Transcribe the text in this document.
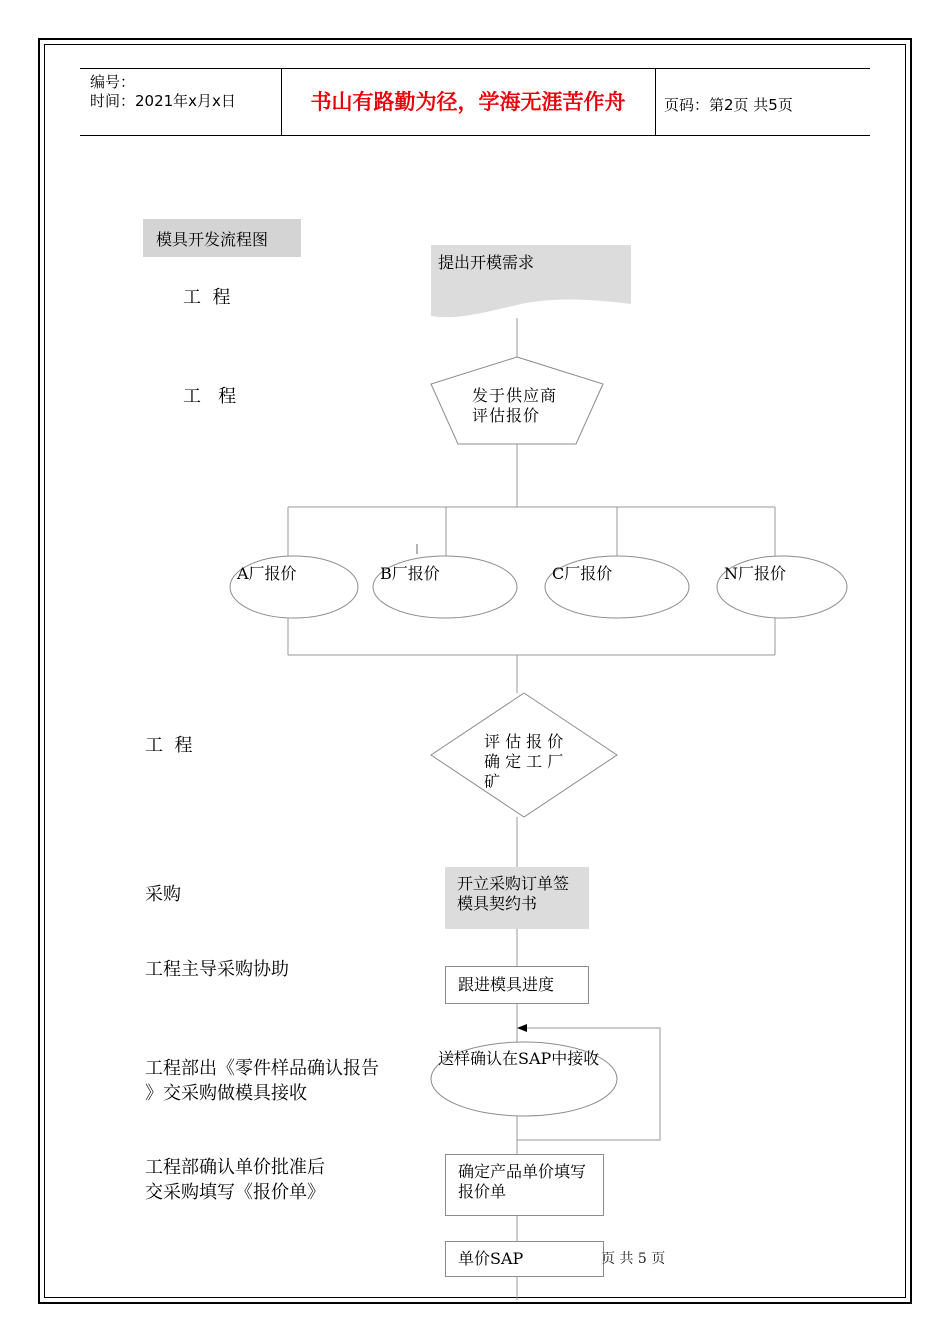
编号：
时间：2021年x月x日	书山有路勤为径，学海无涯苦作舟	页码：第2页 共5页
模具开发流程图
工  程
工   程
工  程
采购
工程主导采购协助
工程部出《零件样品确认报告
》交采购做模具接收
工程部确认单价批准后
交采购填写《报价单》
提出开模需求
发于供应商
评估报价
A厂报价	B厂报价	C厂报价	N厂报价
评 估 报 价
确 定 工 厂
矿
开立采购订单签
模具契约书
跟进模具进度
送样确认在SAP中接收
确定产品单价填写
报价单
单价SAP	页 共 5 页
